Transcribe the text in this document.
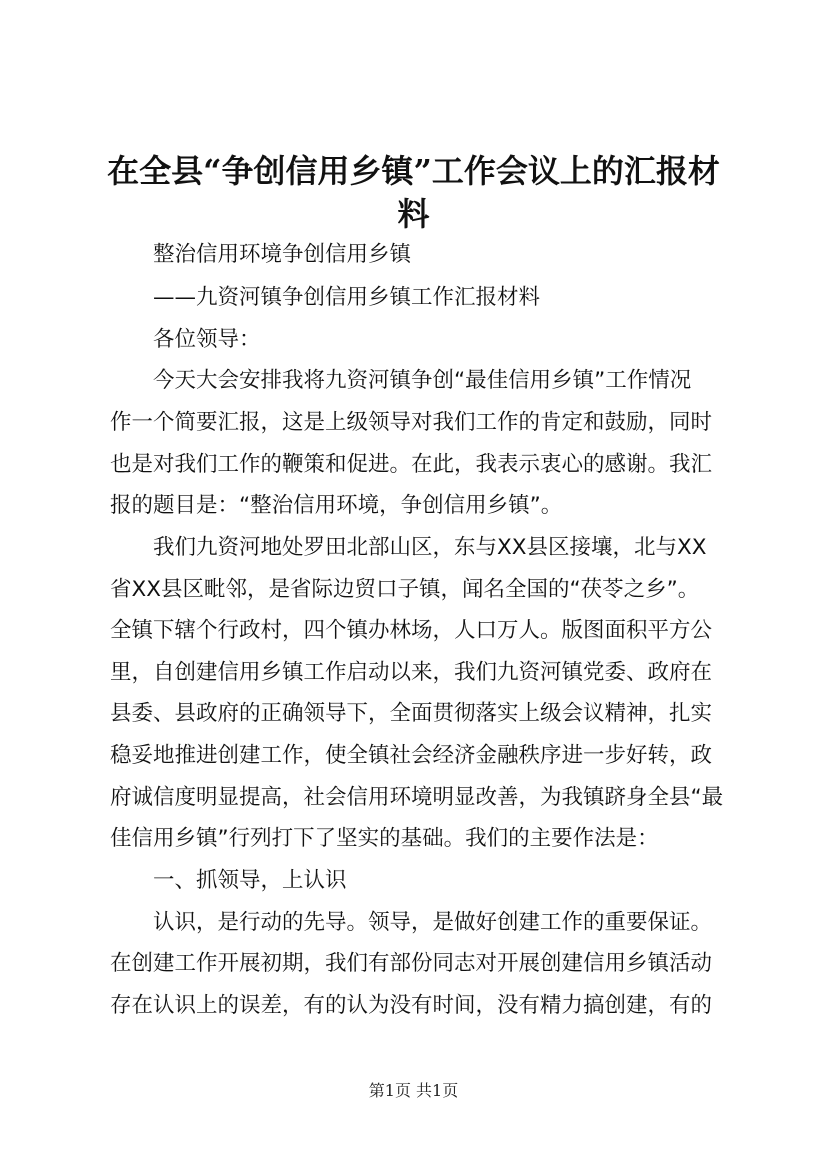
在全县“争创信用乡镇”工作会议上的汇报材料
整治信用环境争创信用乡镇
——九资河镇争创信用乡镇工作汇报材料
各位领导：
今天大会安排我将九资河镇争创“最佳信用乡镇”工作情况
作一个简要汇报，这是上级领导对我们工作的肯定和鼓励，同时
也是对我们工作的鞭策和促进。在此，我表示衷心的感谢。我汇
报的题目是：“整治信用环境，争创信用乡镇”。
我们九资河地处罗田北部山区，东与XX县区接壤，北与XX
省XX县区毗邻，是省际边贸口子镇，闻名全国的“茯苓之乡”。
全镇下辖个行政村，四个镇办林场，人口万人。版图面积平方公
里，自创建信用乡镇工作启动以来，我们九资河镇党委、政府在
县委、县政府的正确领导下，全面贯彻落实上级会议精神，扎实
稳妥地推进创建工作，使全镇社会经济金融秩序进一步好转，政
府诚信度明显提高，社会信用环境明显改善，为我镇跻身全县“最
佳信用乡镇”行列打下了坚实的基础。我们的主要作法是：
一、抓领导，上认识
认识，是行动的先导。领导，是做好创建工作的重要保证。
在创建工作开展初期，我们有部份同志对开展创建信用乡镇活动
存在认识上的误差，有的认为没有时间，没有精力搞创建，有的
第1页 共1页
